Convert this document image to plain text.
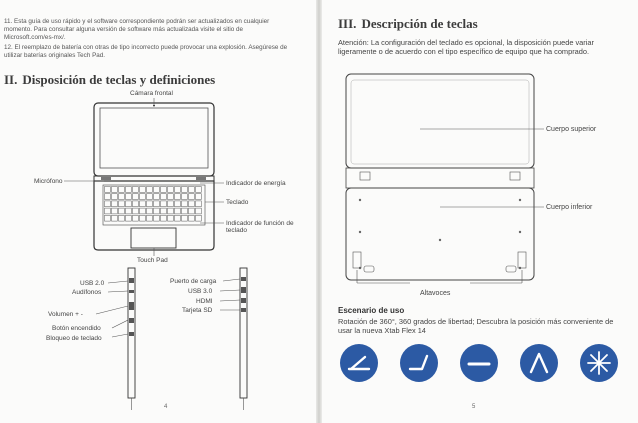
11. Esta guía de uso rápido y el software correspondiente podrán ser actualizados en cualquier momento. Para consultar alguna versión de software más actualizada visite el sitio de Microsoft.com/es-mx/.

12. El reemplazo de batería con otras de tipo incorrecto puede provocar una explosión. Asegúrese de utilizar baterías originales Tech Pad.

II. Disposición de teclas y definiciones
Cámara frontal
Micrófono	Indicador de energía
Teclado
Indicador de función de teclado
Touch Pad
USB 2.0
Audífonos
Volumen + -
Botón encendido
Bloqueo de teclado
Puerto de carga
USB 3.0
HDMI
Tarjeta SD
4
III. Descripción de teclas

Atención: La configuración del teclado es opcional, la disposición puede variar ligeramente o de acuerdo con el tipo específico de equipo que ha comprado.

Cuerpo superior
Cuerpo inferior
Altavoces

Escenario de uso

Rotación de 360°, 360 grados de libertad; Descubra la posición más conveniente de usar la nueva Xtab Flex 14

5
